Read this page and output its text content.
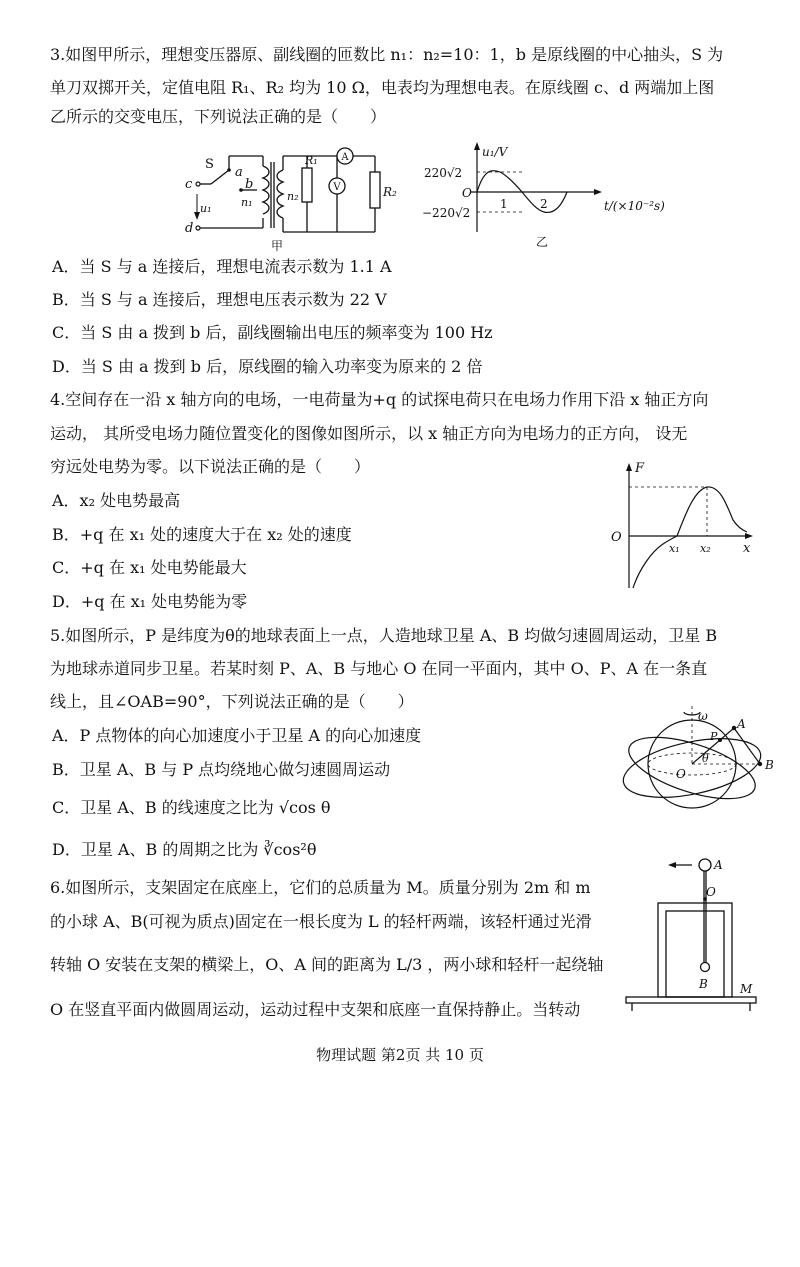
3.如图甲所示，理想变压器原、副线圈的匝数比 n₁：n₂=10：1，b 是原线圈的中心抽头，S 为
单刀双掷开关，定值电阻 R₁、R₂ 均为 10 Ω，电表均为理想电表。在原线圈 c、d 两端加上图
乙所示的交变电压，下列说法正确的是（　　）
A
V
S
a
b
c
d
u₁	n₁	n₂
R₁
R₂
甲
u₁/V
220√2
−220√2
O
1	2	t/(×10⁻²s)
乙
A．当 S 与 a 连接后，理想电流表示数为 1.1 A
B．当 S 与 a 连接后，理想电压表示数为 22 V
C．当 S 由 a 拨到 b 后，副线圈输出电压的频率变为 100 Hz
D．当 S 由 a 拨到 b 后，原线圈的输入功率变为原来的 2 倍
4.空间存在一沿 x 轴方向的电场，一电荷量为+q 的试探电荷只在电场力作用下沿 x 轴正方向
运动， 其所受电场力随位置变化的图像如图所示，以 x 轴正方向为电场力的正方向， 设无
穷远处电势为零。以下说法正确的是（　　）	F
O
x₁ x₂ x
A．x₂ 处电势最高
B．+q 在 x₁ 处的速度大于在 x₂ 处的速度
C．+q 在 x₁ 处电势能最大
D．+q 在 x₁ 处电势能为零
5.如图所示，P 是纬度为θ的地球表面上一点，人造地球卫星 A、B 均做匀速圆周运动，卫星 B
为地球赤道同步卫星。若某时刻 P、A、B 与地心 O 在同一平面内，其中 O、P、A 在一条直
线上，且∠OAB=90°，下列说法正确的是（　　）
ω
A
B
P
O
θ
A．P 点物体的向心加速度小于卫星 A 的向心加速度
B．卫星 A、B 与 P 点均绕地心做匀速圆周运动
C．卫星 A、B 的线速度之比为 √cos θ
D．卫星 A、B 的周期之比为 ∛cos²θ
6.如图所示，支架固定在底座上，它们的总质量为 M。质量分别为 2m 和 m
的小球 A、B(可视为质点)固定在一根长度为 L 的轻杆两端，该轻杆通过光滑
转轴 O 安装在支架的横梁上，O、A 间的距离为 L/3 ，两小球和轻杆一起绕轴
O 在竖直平面内做圆周运动，运动过程中支架和底座一直保持静止。当转动
A
O
B	M
物理试题 第2页 共 10 页
